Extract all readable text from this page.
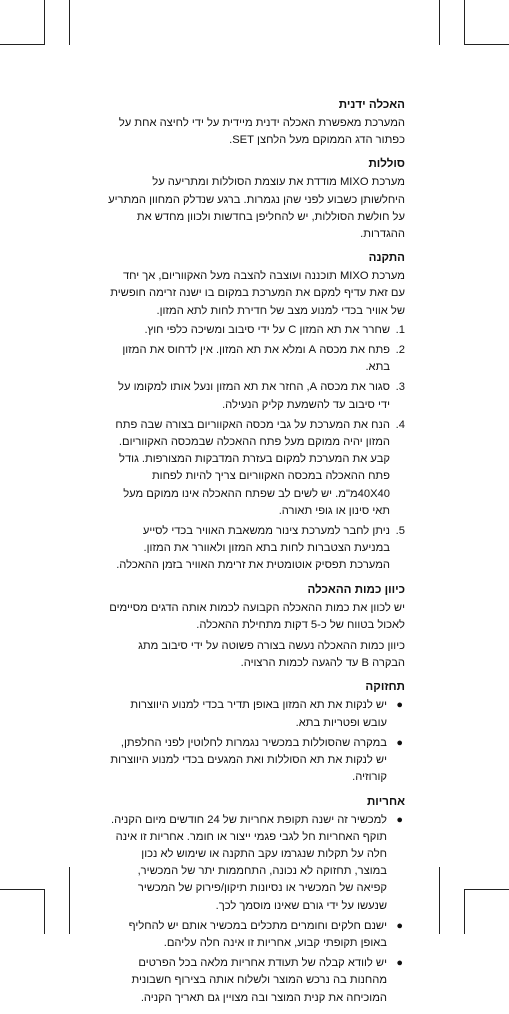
האכלה ידנית

המערכת מאפשרת האכלה ידנית מיידית על ידי לחיצה אחת על כפתור הדג הממוקם מעל הלחצן SET.

סוללות

מערכת MIXO מודדת את עוצמת הסוללות ומתריעה על היחלשותן כשבוע לפני שהן נגמרות. ברגע שנדלק המחוון המתריע על חולשת הסוללות, יש להחליפן בחדשות ולכוון מחדש את ההגדרות.

התקנה

מערכת MIXO תוכננה ועוצבה להצבה מעל האקווריום, אך יחד עם זאת עדיף למקם את המערכת במקום בו ישנה זרימה חופשית של אוויר בכדי למנוע מצב של חדירת לחות לתא המזון.

1.
שחרר את תא המזון C על ידי סיבוב ומשיכה כלפי חוץ.
2.
פתח את מכסה A ומלא את תא המזון. אין לדחוס את המזון בתא.
3.
סגור את מכסה A, החזר את תא המזון ונעל אותו למקומו על ידי סיבוב עד להשמעת קליק הנעילה.
4.
הנח את המערכת על גבי מכסה האקווריום בצורה שבה פתח המזון יהיה ממוקם מעל פתח ההאכלה שבמכסה האקווריום. קבע את המערכת למקום בעזרת המדבקות המצורפות. גודל פתח ההאכלה במכסה האקווריום צריך להיות לפחות 40X40מ"מ. יש לשים לב שפתח ההאכלה אינו ממוקם מעל תאי סינון או גופי תאורה.
5.
ניתן לחבר למערכת צינור ממשאבת האוויר בכדי לסייע במניעת הצטברות לחות בתא המזון ולאוורר את המזון. המערכת תפסיק אוטומטית את זרימת האוויר בזמן ההאכלה.
כיוון כמות ההאכלה

יש לכוון את כמות ההאכלה הקבועה לכמות אותה הדגים מסיימים לאכול בטווח של כ-5 דקות מתחילת ההאכלה.

כיוון כמות ההאכלה נעשה בצורה פשוטה על ידי סיבוב מתג הבקרה B עד להגעה לכמות הרצויה.

תחזוקה
●
יש לנקות את תא המזון באופן תדיר בכדי למנוע היווצרות עובש ופטריות בתא.
●
במקרה שהסוללות במכשיר נגמרות לחלוטין לפני החלפתן, יש לנקות את תא הסוללות ואת המגעים בכדי למנוע היווצרות קורוזיה.
אחריות
●
למכשיר זה ישנה תקופת אחריות של 24 חודשים מיום הקניה. תוקף האחריות חל לגבי פגמי ייצור או חומר. אחריות זו אינה חלה על תקלות שנגרמו עקב התקנה או שימוש לא נכון במוצר, תחזוקה לא נכונה, התחממות יתר של המכשיר, קפיאה של המכשיר או נסיונות תיקון/פירוק של המכשיר שנעשו על ידי גורם שאינו מוסמך לכך.
●
ישנם חלקים וחומרים מתכלים במכשיר אותם יש להחליף באופן תקופתי קבוע, אחריות זו אינה חלה עליהם.
●
יש לוודא קבלה של תעודת אחריות מלאה בכל הפרטים מהחנות בה נרכש המוצר ולשלוח אותה בצירוף חשבונית המוכיחה את קנית המוצר ובה מצויין גם תאריך הקניה.
